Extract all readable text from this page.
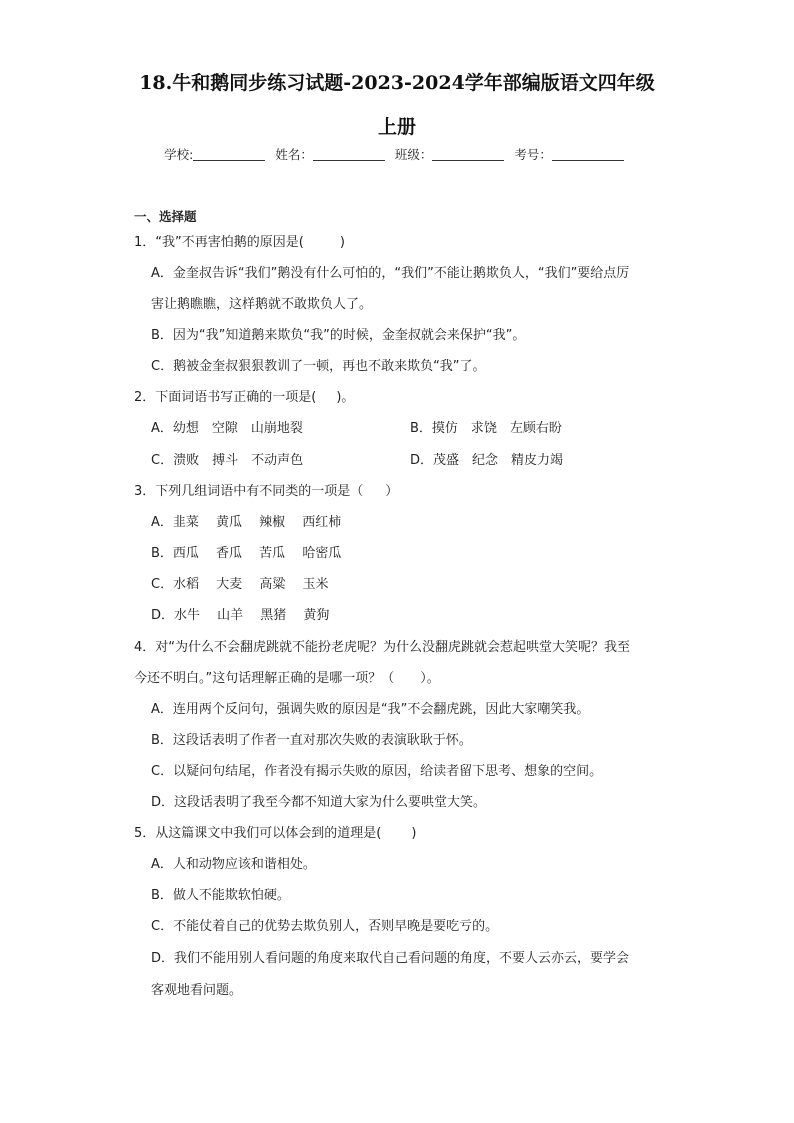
18.牛和鹅同步练习试题-2023-2024学年部编版语文四年级
上册
学校:	姓名：	班级：	考号：
一、选择题
1．“我”不再害怕鹅的原因是(	)
A．金奎叔告诉“我们”鹅没有什么可怕的，“我们”不能让鹅欺负人，“我们”要给点厉
害让鹅瞧瞧，这样鹅就不敢欺负人了。
B．因为“我”知道鹅来欺负“我”的时候，金奎叔就会来保护“我”。
C．鹅被金奎叔狠狠教训了一顿，再也不敢来欺负“我”了。
2．下面词语书写正确的一项是( )。
A．幼想　空隙　山崩地裂	B．摸仿　求饶　左顾右盼
C．溃败　搏斗　不动声色	D．茂盛　纪念　精皮力竭
3．下列几组词语中有不同类的一项是（ ）
A．韭菜　 黄瓜　 辣椒　 西红柿
B．西瓜　 香瓜　 苦瓜　 哈密瓜
C．水稻　 大麦　 高粱　 玉米
D．水牛　 山羊　 黑猪　 黄狗
4．对“为什么不会翻虎跳就不能扮老虎呢？为什么没翻虎跳就会惹起哄堂大笑呢？我至
今还不明白。”这句话理解正确的是哪一项？（　　）。
A．连用两个反问句，强调失败的原因是“我”不会翻虎跳，因此大家嘲笑我。
B．这段话表明了作者一直对那次失败的表演耿耿于怀。
C．以疑问句结尾，作者没有揭示失败的原因，给读者留下思考、想象的空间。
D．这段话表明了我至今都不知道大家为什么要哄堂大笑。
5．从这篇课文中我们可以体会到的道理是( )
A．人和动物应该和谐相处。
B．做人不能欺软怕硬。
C．不能仗着自己的优势去欺负别人，否则早晚是要吃亏的。
D．我们不能用别人看问题的角度来取代自己看问题的角度，不要人云亦云，要学会
客观地看问题。
